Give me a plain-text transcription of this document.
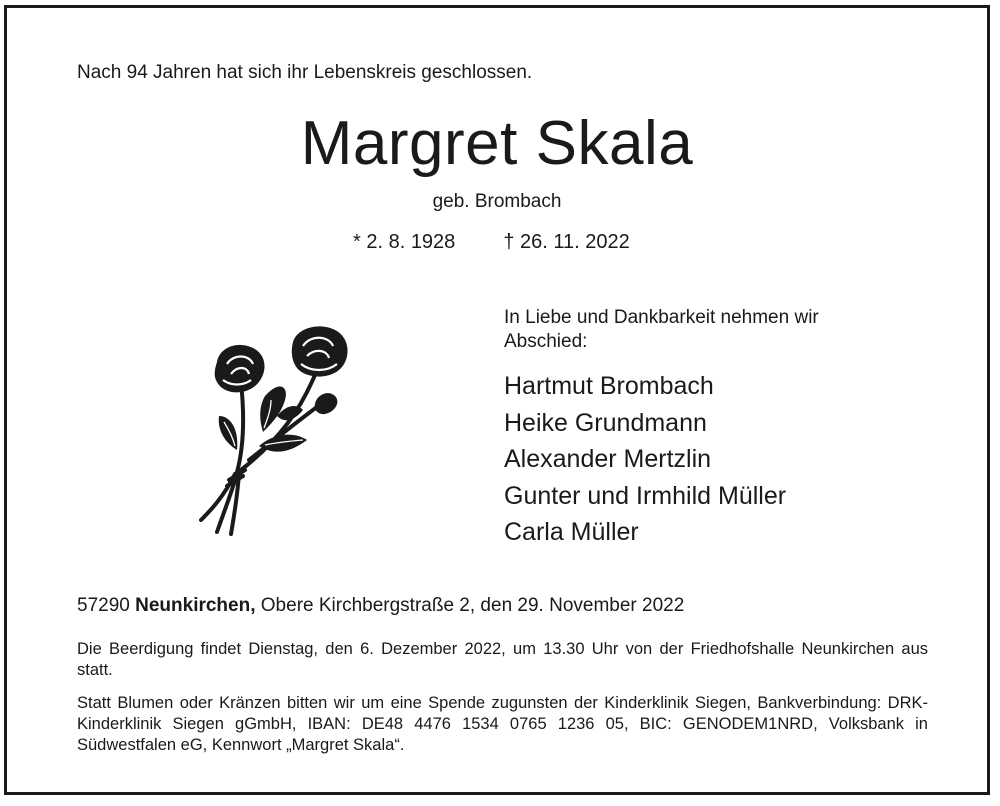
Nach 94 Jahren hat sich ihr Lebenskreis geschlossen.

Margret Skala
geb. Brombach
* 2. 8. 1928 † 26. 11. 2022
In Liebe und Dankbarkeit nehmen wir Abschied:
Hartmut Brombach
Heike Grundmann
Alexander Mertzlin
Gunter und Irmhild Müller
Carla Müller
57290 Neunkirchen, Obere Kirchbergstraße 2, den 29. November 2022

Die Beerdigung findet Dienstag, den 6. Dezember 2022, um 13.30 Uhr von der Friedhofshalle Neunkirchen aus statt.

Statt Blumen oder Kränzen bitten wir um eine Spende zugunsten der Kinderklinik Siegen, Bankverbindung: DRK-Kinderklinik Siegen gGmbH, IBAN: DE48 4476 1534 0765 1236 05, BIC: GENODEM1NRD, Volksbank in Südwestfalen eG, Kennwort „Margret Skala“.
